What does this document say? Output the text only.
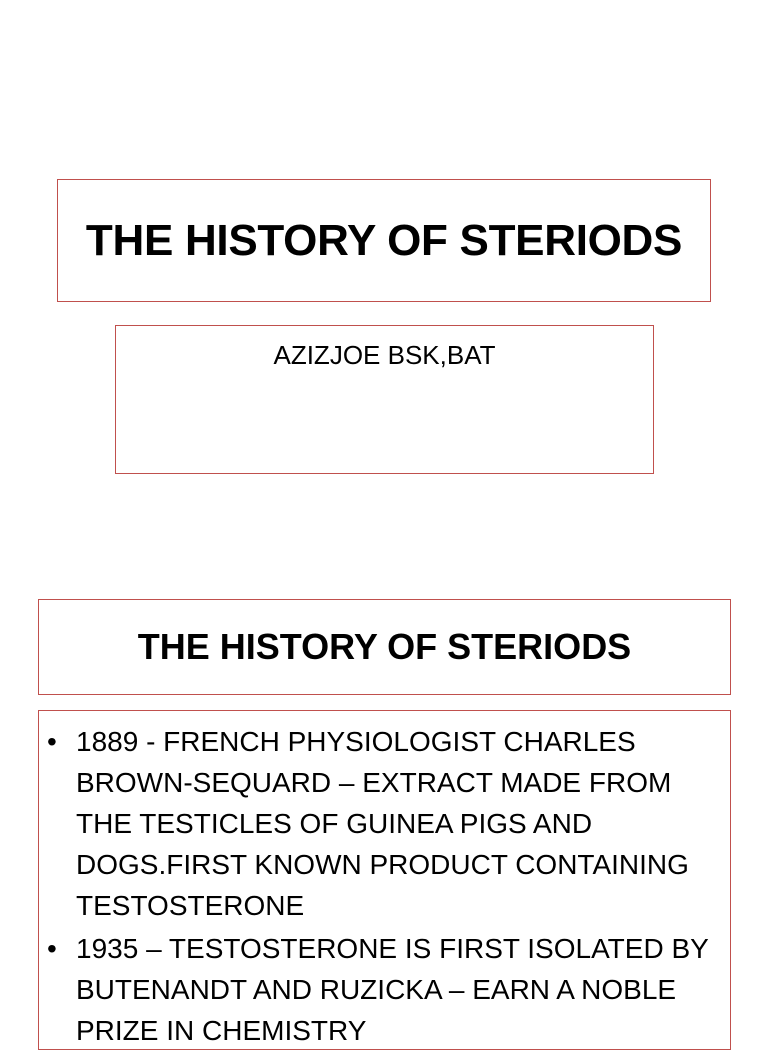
THE HISTORY OF STERIODS
AZIZJOE BSK,BAT
THE HISTORY OF STERIODS
• 1889 - FRENCH PHYSIOLOGIST CHARLES BROWN-SEQUARD – EXTRACT MADE FROM THE TESTICLES OF GUINEA PIGS AND DOGS.FIRST KNOWN PRODUCT CONTAINING TESTOSTERONE
• 1935 – TESTOSTERONE IS FIRST ISOLATED BY BUTENANDT AND RUZICKA – EARN A NOBLE PRIZE IN CHEMISTRY
